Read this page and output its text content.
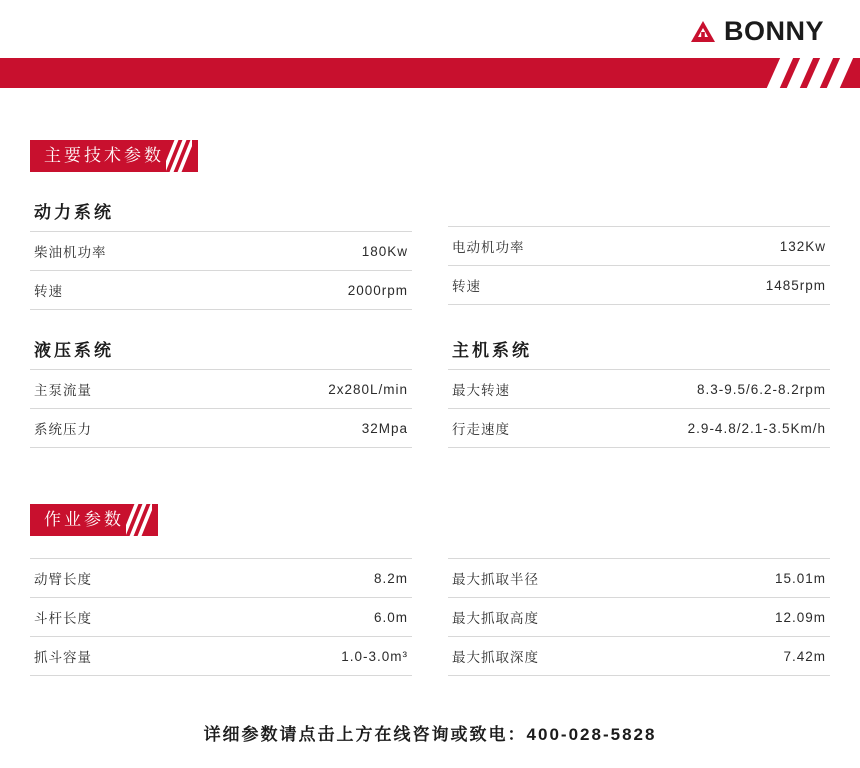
BONNY
主要技术参数
动力系统
柴油机功率	180Kw
转速	2000rpm
电动机功率	132Kw
转速	1485rpm
液压系统
主泵流量	2x280L/min
系统压力	32Mpa
主机系统
最大转速	8.3-9.5/6.2-8.2rpm
行走速度	2.9-4.8/2.1-3.5Km/h
作业参数
动臂长度	8.2m
斗杆长度	6.0m
抓斗容量	1.0-3.0m³
最大抓取半径	15.01m
最大抓取高度	12.09m
最大抓取深度	7.42m
详细参数请点击上方在线咨询或致电：400-028-5828
